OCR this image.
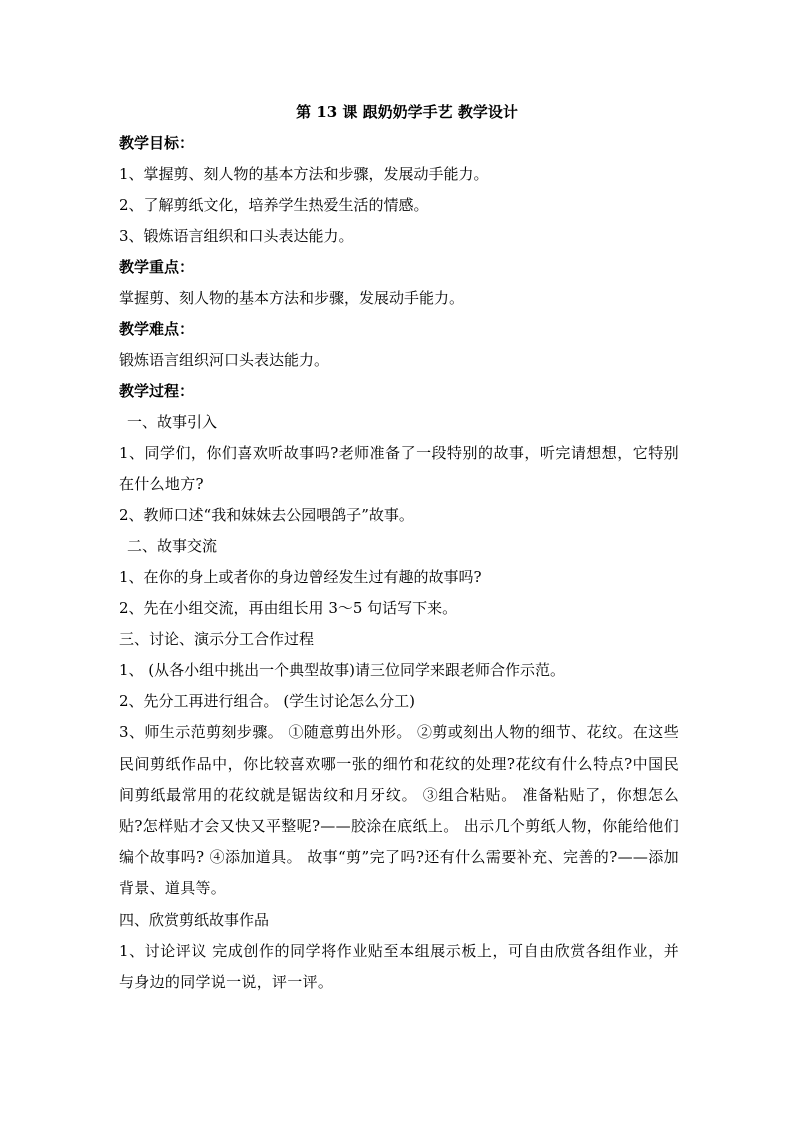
第 13 课 跟奶奶学手艺 教学设计

教学目标：

1、掌握剪、刻人物的基本方法和步骤，发展动手能力。

2、了解剪纸文化，培养学生热爱生活的情感。

3、锻炼语言组织和口头表达能力。

教学重点：

掌握剪、刻人物的基本方法和步骤，发展动手能力。

教学难点：

锻炼语言组织河口头表达能力。

教学过程：

一、故事引入

1、同学们，你们喜欢听故事吗?老师准备了一段特别的故事，听完请想想，它特别在什么地方?

2、教师口述“我和妹妹去公园喂鸽子”故事。

二、故事交流

1、在你的身上或者你的身边曾经发生过有趣的故事吗?

2、先在小组交流，再由组长用 3～5 句话写下来。

三、讨论、演示分工合作过程

1、 (从各小组中挑出一个典型故事)请三位同学来跟老师合作示范。

2、先分工再进行组合。 (学生讨论怎么分工)

3、师生示范剪刻步骤。 ①随意剪出外形。 ②剪或刻出人物的细节、花纹。在这些民间剪纸作品中，你比较喜欢哪一张的细竹和花纹的处理?花纹有什么特点?中国民间剪纸最常用的花纹就是锯齿纹和月牙纹。 ③组合粘贴。 准备粘贴了，你想怎么贴?怎样贴才会又快又平整呢?——胶涂在底纸上。 出示几个剪纸人物，你能给他们编个故事吗? ④添加道具。 故事“剪”完了吗?还有什么需要补充、完善的?——添加背景、道具等。

四、欣赏剪纸故事作品

1、讨论评议 完成创作的同学将作业贴至本组展示板上，可自由欣赏各组作业，并与身边的同学说一说，评一评。
